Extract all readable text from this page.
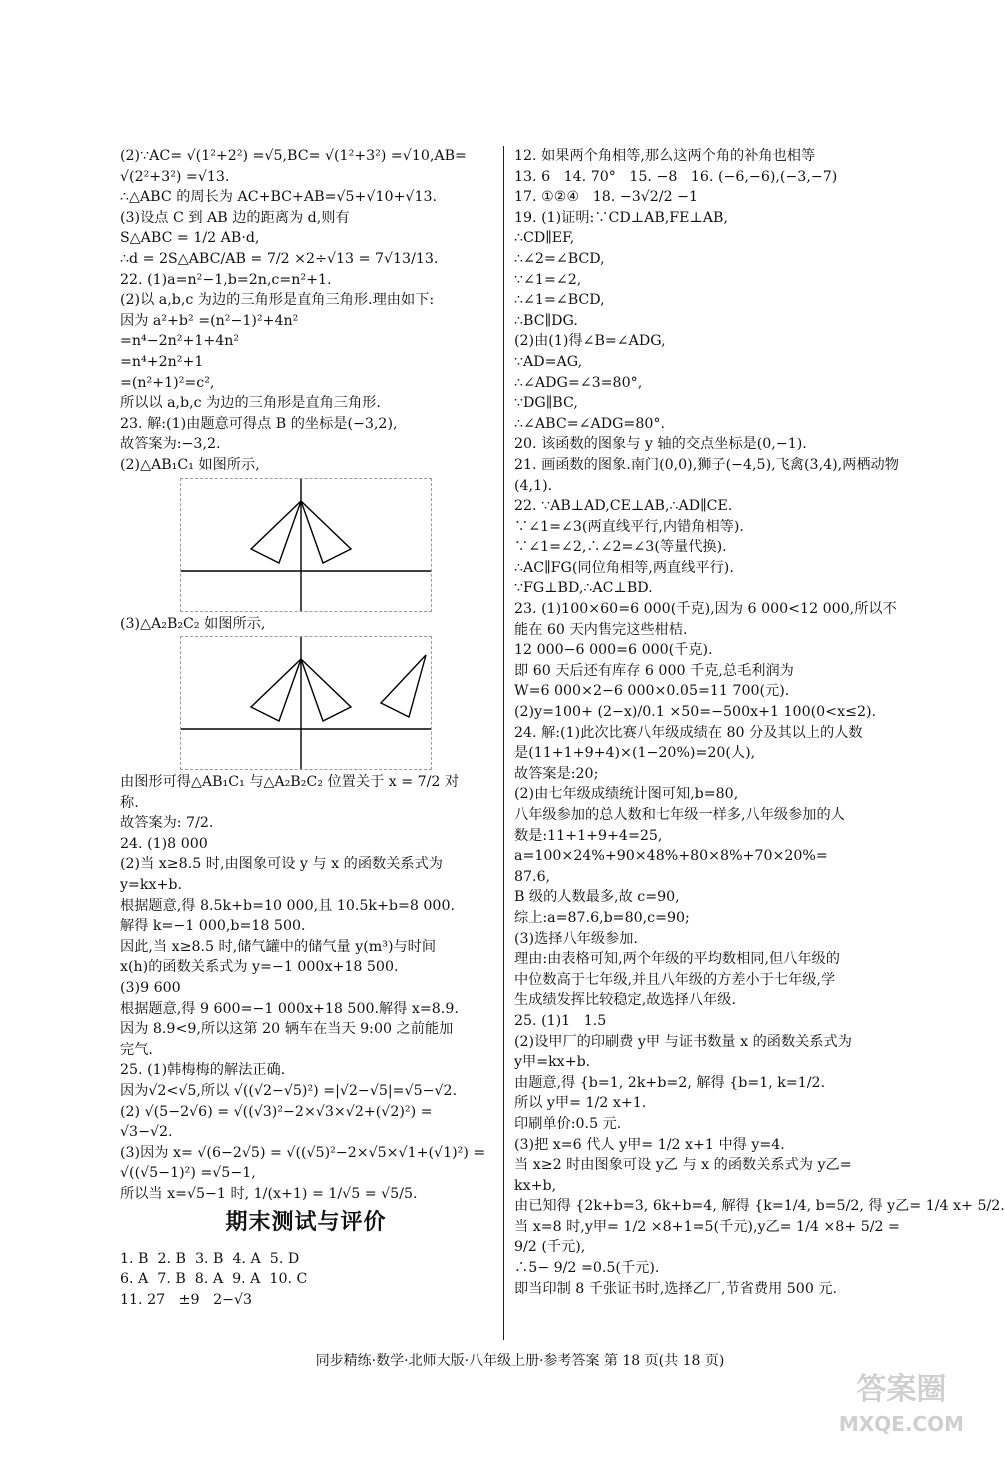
(2)∵AC= √(1²+2²) =√5,BC= √(1²+3²) =√10,AB=
√(2²+3²) =√13.
∴△ABC 的周长为 AC+BC+AB=√5+√10+√13.
(3)设点 C 到 AB 边的距离为 d,则有
S△ABC = 1/2 AB·d,
∴d = 2S△ABC/AB = 7/2 ×2÷√13 = 7√13/13.
22. (1)a=n²−1,b=2n,c=n²+1.
(2)以 a,b,c 为边的三角形是直角三角形.理由如下:
因为 a²+b² =(n²−1)²+4n²
=n⁴−2n²+1+4n²
=n⁴+2n²+1
=(n²+1)²=c²,
所以以 a,b,c 为边的三角形是直角三角形.
23. 解:(1)由题意可得点 B 的坐标是(−3,2),
故答案为:−3,2.
(2)△AB₁C₁ 如图所示,
(3)△A₂B₂C₂ 如图所示,
由图形可得△AB₁C₁ 与△A₂B₂C₂ 位置关于 x = 7/2 对
称.
故答案为: 7/2.
24. (1)8 000
(2)当 x≥8.5 时,由图象可设 y 与 x 的函数关系式为
y=kx+b.
根据题意,得 8.5k+b=10 000,且 10.5k+b=8 000.
解得 k=−1 000,b=18 500.
因此,当 x≥8.5 时,储气罐中的储气量 y(m³)与时间
x(h)的函数关系式为 y=−1 000x+18 500.
(3)9 600
根据题意,得 9 600=−1 000x+18 500.解得 x=8.9.
因为 8.9<9,所以这第 20 辆车在当天 9:00 之前能加
完气.
25. (1)韩梅梅的解法正确.
因为√2<√5,所以 √((√2−√5)²) =|√2−√5|=√5−√2.
(2) √(5−2√6) = √((√3)²−2×√3×√2+(√2)²) =
√3−√2.
(3)因为 x= √(6−2√5) = √((√5)²−2×√5×√1+(√1)²) =
√((√5−1)²) =√5−1,
所以当 x=√5−1 时, 1/(x+1) = 1/√5 = √5/5.
期末测试与评价
1. B  2. B  3. B  4. A  5. D
6. A  7. B  8. A  9. A  10. C
11. 27   ±9   2−√3
12. 如果两个角相等,那么这两个角的补角也相等
13. 6   14. 70°   15. −8   16. (−6,−6),(−3,−7)
17. ①②④   18. −3√2/2 −1
19. (1)证明:∵CD⊥AB,FE⊥AB,
∴CD∥EF,
∴∠2=∠BCD,
∵∠1=∠2,
∴∠1=∠BCD,
∴BC∥DG.
(2)由(1)得∠B=∠ADG,
∵AD=AG,
∴∠ADG=∠3=80°,
∵DG∥BC,
∴∠ABC=∠ADG=80°.
20. 该函数的图象与 y 轴的交点坐标是(0,−1).
21. 画函数的图象.南门(0,0),狮子(−4,5),飞禽(3,4),两栖动物
(4,1).
22. ∵AB⊥AD,CE⊥AB,∴AD∥CE.
∵∠1=∠3(两直线平行,内错角相等).
∵∠1=∠2,∴∠2=∠3(等量代换).
∴AC∥FG(同位角相等,两直线平行).
∵FG⊥BD,∴AC⊥BD.
23. (1)100×60=6 000(千克),因为 6 000<12 000,所以不
能在 60 天内售完这些柑桔.
12 000−6 000=6 000(千克).
即 60 天后还有库存 6 000 千克,总毛利润为
W=6 000×2−6 000×0.05=11 700(元).
(2)y=100+ (2−x)/0.1 ×50=−500x+1 100(0<x≤2).
24. 解:(1)此次比赛八年级成绩在 80 分及其以上的人数
是(11+1+9+4)×(1−20%)=20(人),
故答案是:20;
(2)由七年级成绩统计图可知,b=80,
八年级参加的总人数和七年级一样多,八年级参加的人
数是:11+1+9+4=25,
a=100×24%+90×48%+80×8%+70×20%=
87.6,
B 级的人数最多,故 c=90,
综上:a=87.6,b=80,c=90;
(3)选择八年级参加.
理由:由表格可知,两个年级的平均数相同,但八年级的
中位数高于七年级,并且八年级的方差小于七年级,学
生成绩发挥比较稳定,故选择八年级.
25. (1)1   1.5
(2)设甲厂的印刷费 y甲 与证书数量 x 的函数关系式为
y甲=kx+b.
由题意,得 {b=1, 2k+b=2, 解得 {b=1, k=1/2.
所以 y甲= 1/2 x+1.
印刷单价:0.5 元.
(3)把 x=6 代人 y甲= 1/2 x+1 中得 y=4.
当 x≥2 时由图象可设 y乙 与 x 的函数关系式为 y乙=
kx+b,
由已知得 {2k+b=3, 6k+b=4, 解得 {k=1/4, b=5/2, 得 y乙= 1/4 x+ 5/2.
当 x=8 时,y甲= 1/2 ×8+1=5(千元),y乙= 1/4 ×8+ 5/2 =
9/2 (千元),
∴5− 9/2 =0.5(千元).
即当印制 8 千张证书时,选择乙厂,节省费用 500 元.
同步精练·数学·北师大版·八年级上册·参考答案 第 18 页(共 18 页)
答案圈
MXQE.COM
